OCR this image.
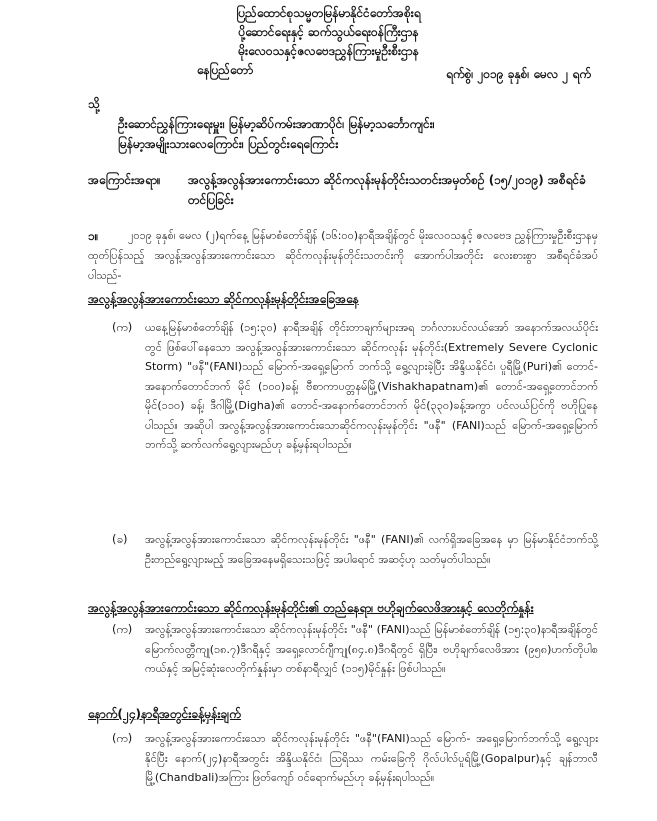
ပြည်ထောင်စုသမ္မတမြန်မာနိုင်ငံတော်အစိုးရ
ပို့ဆောင်ရေးနှင့် ဆက်သွယ်ရေးဝန်ကြီးဌာန
မိုးလေဝသနှင့်ဇလဗေဒညွှန်ကြားမှုဦးစီးဌာန
နေပြည်တော်	ရက်စွဲ၊ ၂၀၁၉ ခုနှစ်၊ မေလ ၂ ရက်
သို့
ဦးဆောင်ညွှန်ကြားရေးမှူး၊ မြန်မာ့ဆိပ်ကမ်းအာဏာပိုင်၊ မြန်မာ့သင်္ဘောကျင်း၊
မြန်မာ့အမျိုးသားလေကြောင်း၊ ပြည်တွင်းရေကြောင်း
အကြောင်းအရာ။ အလွန့်အလွန်အားကောင်းသော ဆိုင်ကလုန်းမုန်တိုင်းသတင်းအမှတ်စဉ် (၁၅/၂၀၁၉) အစီရင်ခံတင်ပြခြင်း
၁။	၂၀၁၉ ခုနှစ်၊ မေလ (၂)ရက်နေ့ မြန်မာစံတော်ချိန် (၁၆:၀၀)နာရီအချိန်တွင် မိုးလေဝသနှင့် ဇလဗေဒ ညွှန်ကြားမှုဦးစီးဌာနမှ ထုတ်ပြန်သည့် အလွန့်အလွန်အားကောင်းသော ဆိုင်ကလုန်းမုန်တိုင်းသတင်းကို အောက်ပါအတိုင်း လေးစားစွာ အစီရင်ခံအပ်ပါသည်-
အလွန့်အလွန်အားကောင်းသော ဆိုင်ကလုန်းမုန်တိုင်းအခြေအနေ
(က) ယနေ့မြန်မာစံတော်ချိန် (၁၅:၃၀) နာရီအချိန် တိုင်းတာချက်များအရ ဘင်္ဂလားပင်လယ်အော် အနောက်အလယ်ပိုင်းတွင် ဖြစ်ပေါ်နေသော အလွန့်အလွန်အားကောင်းသော ဆိုင်ကလုန်း မုန်တိုင်း(Extremely Severe Cyclonic Storm) "ဖနီ"(FANI)သည် မြောက်-အရှေ့မြောက် ဘက်သို့ ရွေ့လျားခဲ့ပြီး အိန္ဒိယနိုင်ငံ၊ ပူရီမြို့(Puri)၏ တောင်-အနောက်တောင်ဘက် မိုင် (၁၀၀)ခန့်၊ ဗီစာကာပတ္တနမ်မြို့(Vishakhapatnam)၏ တောင်-အရှေ့တောင်ဘက် မိုင်(၁၁၀) ခန့်၊ ဒီဂါမြို့(Digha)၏ တောင်-အနောက်တောင်ဘက် မိုင်(၃၃၀)ခန့်အကွာ ပင်လယ်ပြင်ကို ဗဟိုပြုနေပါသည်။ အဆိုပါ အလွန့်အလွန်အားကောင်းသောဆိုင်ကလုန်းမုန်တိုင်း "ဖနီ" (FANI)သည် မြောက်-အရှေ့မြောက်ဘက်သို့ ဆက်လက်ရွေ့လျားမည်ဟု ခန့်မှန်းရပါသည်။
(ခ) အလွန့်အလွန်အားကောင်းသော ဆိုင်ကလုန်းမုန်တိုင်း "ဖနီ" (FANI)၏ လက်ရှိအခြေအနေ မှာ မြန်မာနိုင်ငံဘက်သို့ ဦးတည်ရွေ့လျားမည့် အခြေအနေမရှိသေးသဖြင့် အပါရောင် အဆင့်ဟု သတ်မှတ်ပါသည်။
အလွန့်အလွန်အားကောင်းသော ဆိုင်ကလုန်းမုန်တိုင်း၏ တည်နေရာ၊ ဗဟိုချက်လေဖိအားနှင့် လေတိုက်နှုန်း
(က) အလွန့်အလွန်အားကောင်းသော ဆိုင်ကလုန်းမုန်တိုင်း "ဖနီ" (FANI)သည် မြန်မာစံတော်ချိန် (၁၅:၃၀)နာရီအချိန်တွင် မြောက်လတ္တီကျု(၁၈.၇)ဒီဂရီနှင့် အရှေ့လောင်ဂျီကျု(၈၄.၈)ဒီဂရီတွင် ရှိပြီး၊ ဗဟိုချက်လေဖိအား (၉၅၈)ဟက်တိုပါစကယ်နှင့် အမြင့်ဆုံးလေတိုက်နှုန်းမှာ တစ်နာရီလျှင် (၁၁၅)မိုင်နှုန်း ဖြစ်ပါသည်။
နောက်(၂၄)နာရီအတွင်းခန့်မှန်းချက်
(က) အလွန့်အလွန်အားကောင်းသော ဆိုင်ကလုန်းမုန်တိုင်း "ဖနီ"(FANI)သည် မြောက်- အရှေ့မြောက်ဘက်သို့ ရွေ့လျားနိုင်ပြီး နောက်(၂၄)နာရီအတွင်း အိန္ဒိယနိုင်ငံ၊ ဩရိဿ ကမ်းခြေကို ဂိုလ်ပါလ်ပူရ်မြို့(Gopalpur)နှင့် ချန်ဘာလီမြို့(Chandbali)အကြား ဖြတ်ကျော် ဝင်ရောက်မည်ဟု ခန့်မှန်းရပါသည်။
